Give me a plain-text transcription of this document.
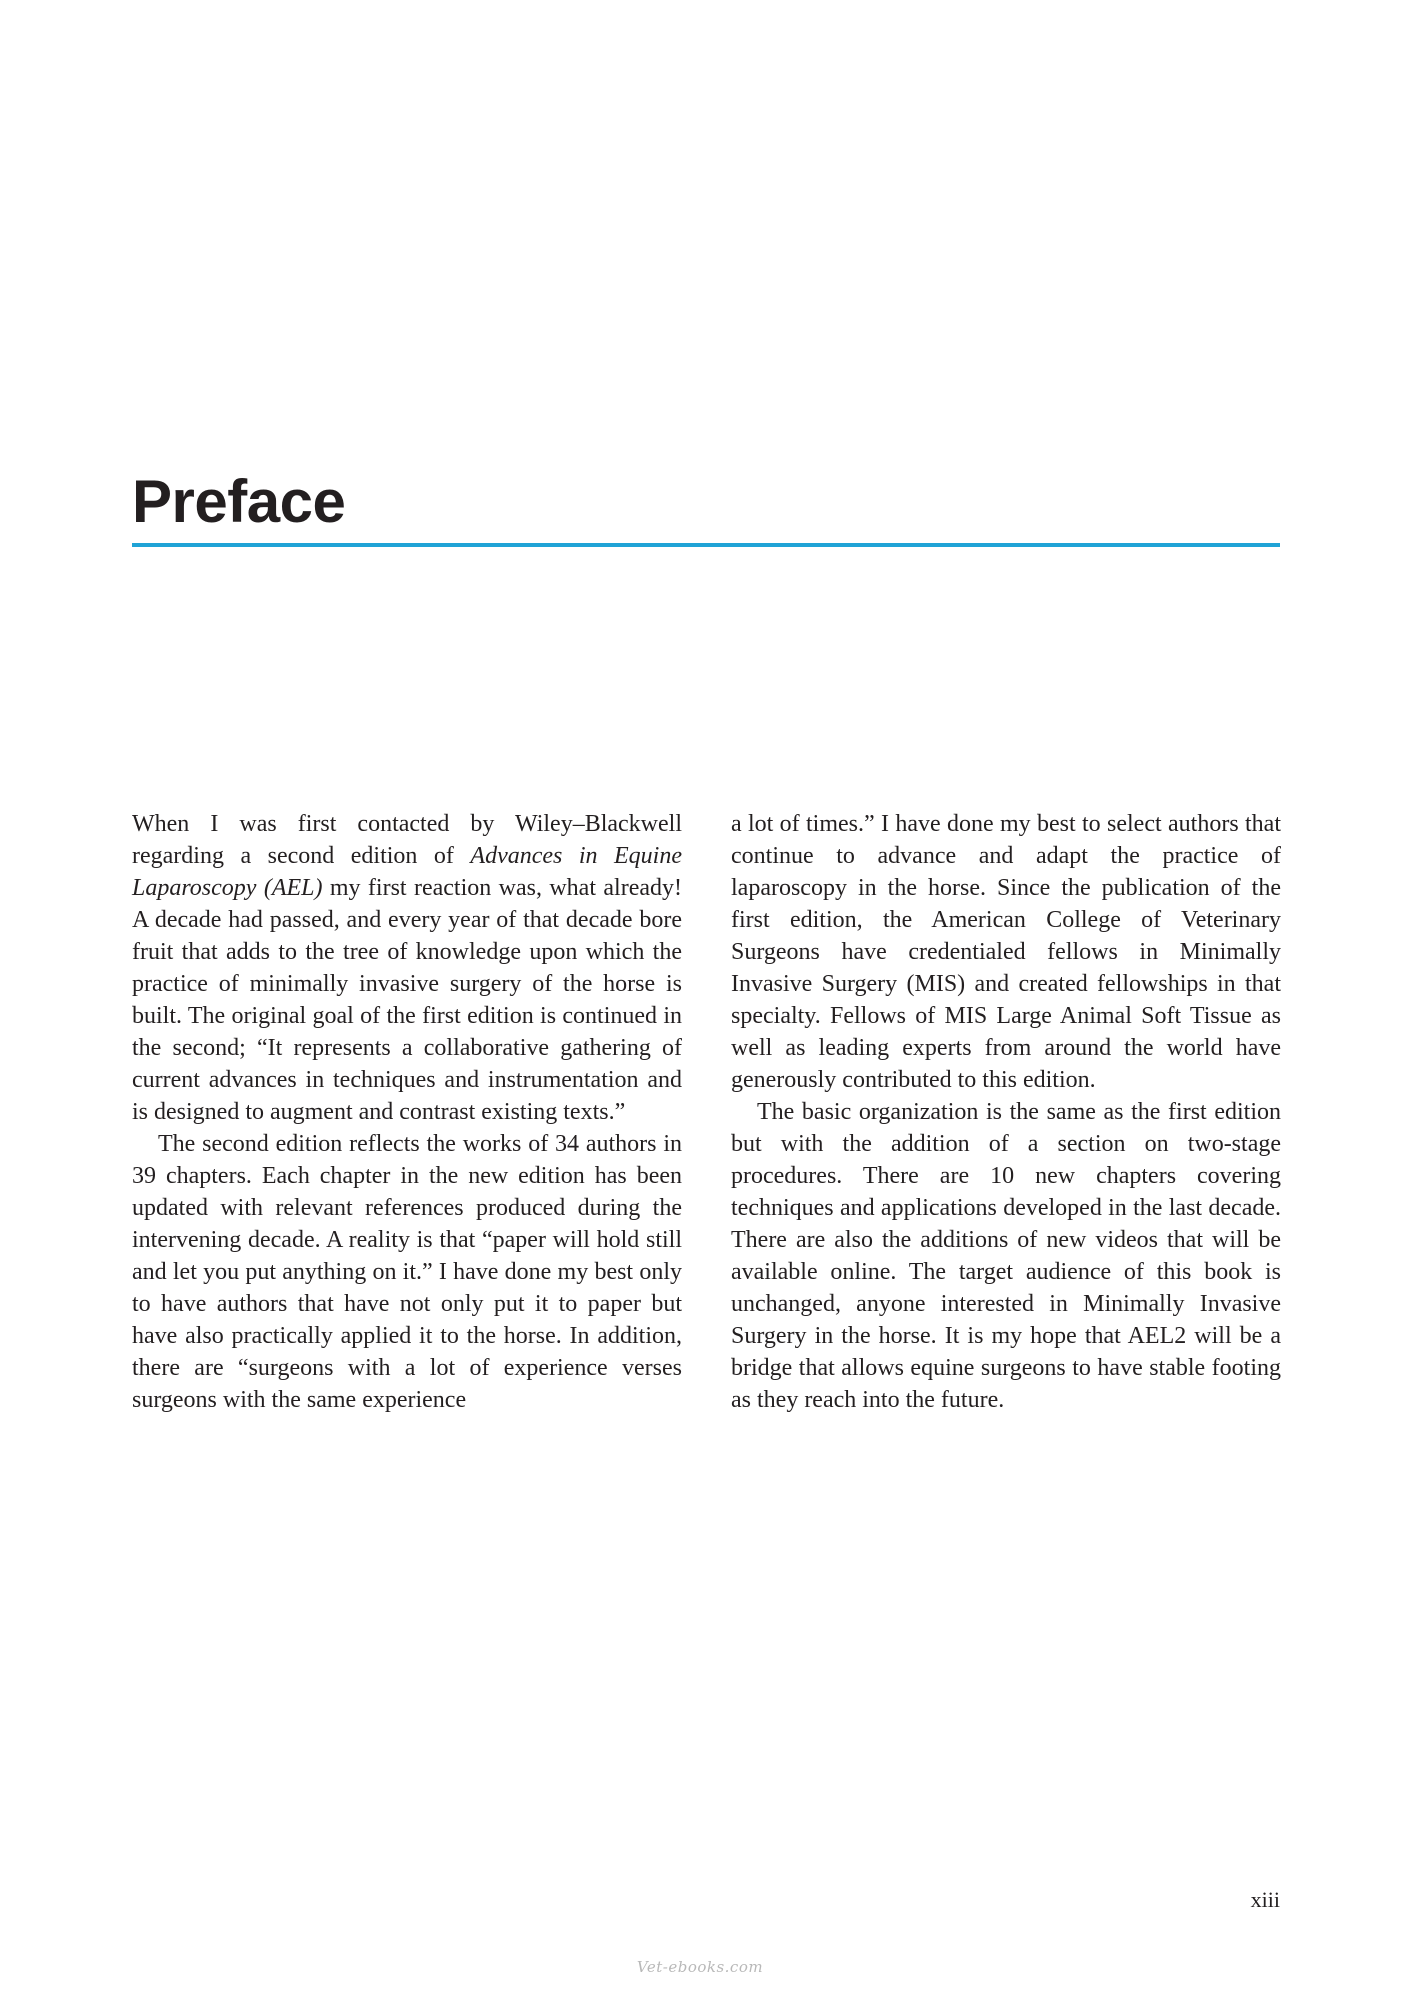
Preface

When I was first contacted by Wiley–Blackwell regarding a second edition of Advances in Equine Laparoscopy (AEL) my first reaction was, what already! A decade had passed, and every year of that decade bore fruit that adds to the tree of knowledge upon which the practice of minimally invasive surgery of the horse is built. The original goal of the first edition is continued in the second; “It represents a collaborative gathering of current advances in techniques and instrumentation and is designed to augment and contrast existing texts.”

The second edition reflects the works of 34 authors in 39 chapters. Each chapter in the new edition has been updated with relevant references produced during the intervening decade. A reality is that “paper will hold still and let you put anything on it.” I have done my best only to have authors that have not only put it to paper but have also practically applied it to the horse. In addition, there are “surgeons with a lot of experience verses surgeons with the same experience

a lot of times.” I have done my best to select authors that continue to advance and adapt the practice of laparoscopy in the horse. Since the publication of the first edition, the American College of Veterinary Surgeons have credentialed fellows in Minimally Invasive Surgery (MIS) and created fellowships in that specialty. Fellows of MIS Large Animal Soft Tissue as well as leading experts from around the world have generously contributed to this edition.

The basic organization is the same as the first edition but with the addition of a section on two-stage procedures. There are 10 new chapters covering techniques and applications developed in the last decade. There are also the additions of new videos that will be available online. The target audience of this book is unchanged, anyone interested in Minimally Invasive Surgery in the horse. It is my hope that AEL2 will be a bridge that allows equine surgeons to have stable footing as they reach into the future.

xiii
Vet-ebooks.com
